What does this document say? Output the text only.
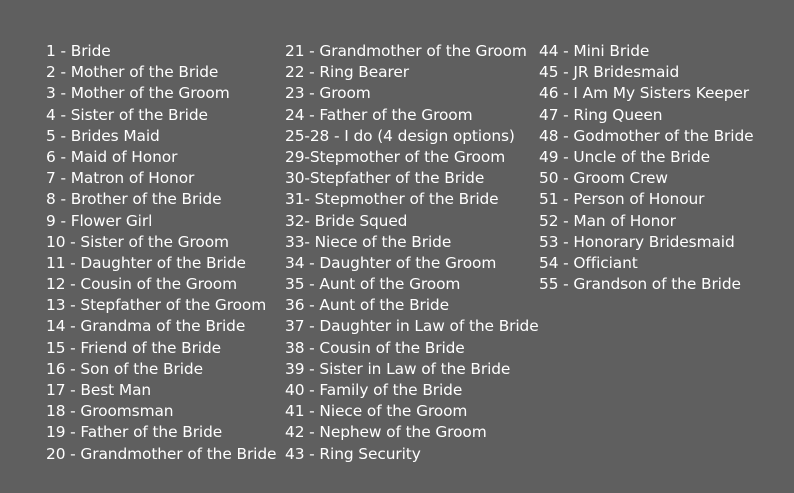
1 - Bride
2 - Mother of the Bride
3 - Mother of the Groom
4 - Sister of the Bride
5 - Brides Maid
6 - Maid of Honor
7 - Matron of Honor
8 - Brother of the Bride
9 - Flower Girl
10 - Sister of the Groom
11 - Daughter of the Bride
12 - Cousin of the Groom
13 - Stepfather of the Groom
14 - Grandma of the Bride
15 - Friend of the Bride
16 - Son of the Bride
17 - Best Man
18 - Groomsman
19 - Father of the Bride
20 - Grandmother of the Bride
21 - Grandmother of the Groom
22 - Ring Bearer
23 - Groom
24 - Father of the Groom
25-28 - I do (4 design options)
29-Stepmother of the Groom
30-Stepfather of the Bride
31- Stepmother of the Bride
32- Bride Squed
33- Niece of the Bride
34 - Daughter of the Groom
35 - Aunt of the Groom
36 - Aunt of the Bride
37 - Daughter in Law of the Bride
38 - Cousin of the Bride
39 - Sister in Law of the Bride
40 - Family of the Bride
41 - Niece of the Groom
42 - Nephew of the Groom
43 - Ring Security
44 - Mini Bride
45 - JR Bridesmaid
46 - I Am My Sisters Keeper
47 - Ring Queen
48 - Godmother of the Bride
49 - Uncle of the Bride
50 - Groom Crew
51 - Person of Honour
52 - Man of Honor
53 - Honorary Bridesmaid
54 - Officiant
55 - Grandson of the Bride
